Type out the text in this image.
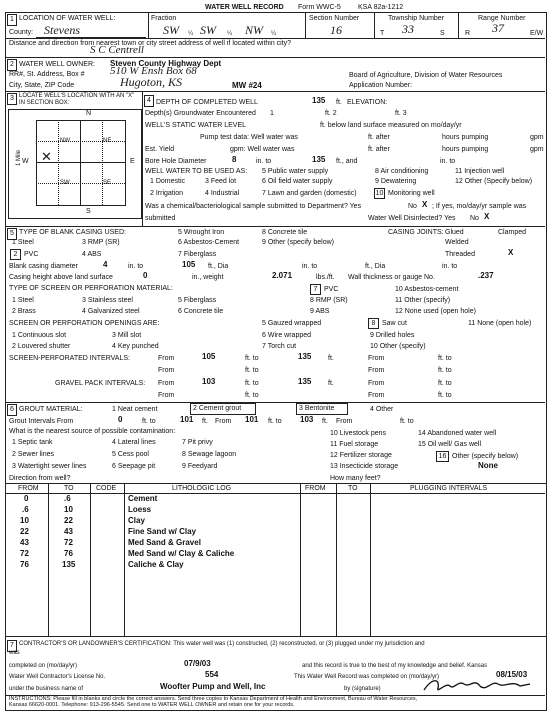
WATER WELL RECORD Form WWC-5 KSA 82a-1212
1 LOCATION OF WATER WELL:
County: Stevens
Fraction
SW ¼ SW ¼ NW ¼
Section Number
16
Township Number
T 33	S
Range Number
R 37	E/W
Distance and direction from nearest town or city street address of well if located within city?
S C Centrell
2 WATER WELL OWNER: Steven County Highway Dept
RR#, St. Address, Box # 510 W Ensh Box 68
City, State, ZIP Code	Hugoton, KS	Board of Agriculture, Division of Water Resources
Application Number:
MW #24
3 LOCATE WELL'S LOCATION WITH AN "X" IN SECTION BOX:
N
S
E
W
1 Mile
NW	NE
SW	SE
✕
4 DEPTH OF COMPLETED WELL	135 ft. ELEVATION:
Depth(s) Groundwater Encountered 1	ft. 2	ft. 3
WELL'S STATIC WATER LEVEL	ft. below land surface measured on mo/day/yr
Pump test data: Well water was	ft. after	hours pumping	gpm
Est. Yield	gpm: Well water was	ft. after	hours pumping	gpm
Bore Hole Diameter	8	in. to	135 ft., and	in. to
WELL WATER TO BE USED AS:
1 Domestic	3 Feed lot
5 Public water supply
6 Oil field water supply
8 Air conditioning
9 Dewatering
11 Injection well
12 Other (Specify below)
2 Irrigation	4 Industrial	7 Lawn and garden (domestic)	10 Monitoring well
Was a chemical/bacteriological sample submitted to Department? Yes	No X ; If yes, mo/day/yr sample was
submitted	Water Well Disinfected? Yes No X
5 TYPE OF BLANK CASING USED:	5 Wrought Iron	8 Concrete tile	CASING JOINTS: Glued	Clamped
1 Steel	3 RMP (SR)	6 Asbestos-Cement	9 Other (specify below)	Welded
2 PVC	4 ABS	7 Fiberglass	Threaded	X
Blank casing diameter	4	in. to	105 ft., Dia	in. to	ft., Dia	in. to
Casing height above land surface	0	in., weight	2.071	lbs./ft. Wall thickness or gauge No.	.237
TYPE OF SCREEN OR PERFORATION MATERIAL:
1 Steel	3 Stainless steel	5 Fiberglass
7 PVC	10 Asbestos-cement
8 RMP (SR)	11 Other (specify)
2 Brass	4 Galvanized steel	6 Concrete tile	9 ABS	12 None used (open hole)
SCREEN OR PERFORATION OPENINGS ARE:	5 Gauzed wrapped	8 Saw cut	11 None (open hole)
1 Continuous slot	3 Mill slot	6 Wire wrapped	9 Drilled holes
2 Louvered shutter	4 Key punched	7 Torch cut	10 Other (specify)
SCREEN-PERFORATED INTERVALS:	From	105	ft. to	135 ft.	From	ft. to
From	ft. to	From	ft. to
GRAVEL PACK INTERVALS: From	103	ft. to	135 ft.	From	ft. to
From	ft. to	From	ft. to
6 GROUT MATERIAL:	1 Neat cement	2 Cement grout	3 Bentonite	4 Other
Grout Intervals From	0	ft. to	101 ft. From 101 ft. to 103 ft. From	ft. to
What is the nearest source of possible contamination:
1 Septic tank	4 Lateral lines	7 Pit privy
10 Livestock pens	14 Abandoned water well
2 Sewer lines	5 Cess pool	8 Sewage lagoon
11 Fuel storage	15 Oil well/ Gas well
3 Watertight sewer lines	6 Seepage pit	9 Feedyard
12 Fertilizer storage
13 Insecticide storage
16 Other (specify below)
None
Direction from well?	How many feet?
FROM	TO	CODE	LITHOLOGIC LOG	FROM	TO	PLUGGING INTERVALS
0	.6	Cement
.6	10	Loess
10	22	Clay
22	43	Fine Sand w/ Clay
43	72	Med Sand & Gravel
72	76	Med Sand w/ Clay & Caliche
76	135	Caliche & Clay
7 CONTRACTOR'S OR LANDOWNER'S CERTIFICATION: This water well was (1) constructed, (2) reconstructed, or (3) plugged under my jurisdiction and
was
completed on (mo/day/yr)	07/9/03	and this record is true to the best of my knowledge and belief. Kansas
Water Well Contractor's License No.	554	This Water Well Record was completed on (mo/day/yr)	08/15/03
under the business name of	Woofter Pump and Well, Inc	by (signature)
INSTRUCTIONS: Please fill in blanks and circle the correct answers. Send three copies to Kansas Department of Health and Environment, Bureau of Water Resources,
Kansas 66620-0001. Telephone: 913-296-5545. Send one to WATER WELL OWNER and retain one for your records.
